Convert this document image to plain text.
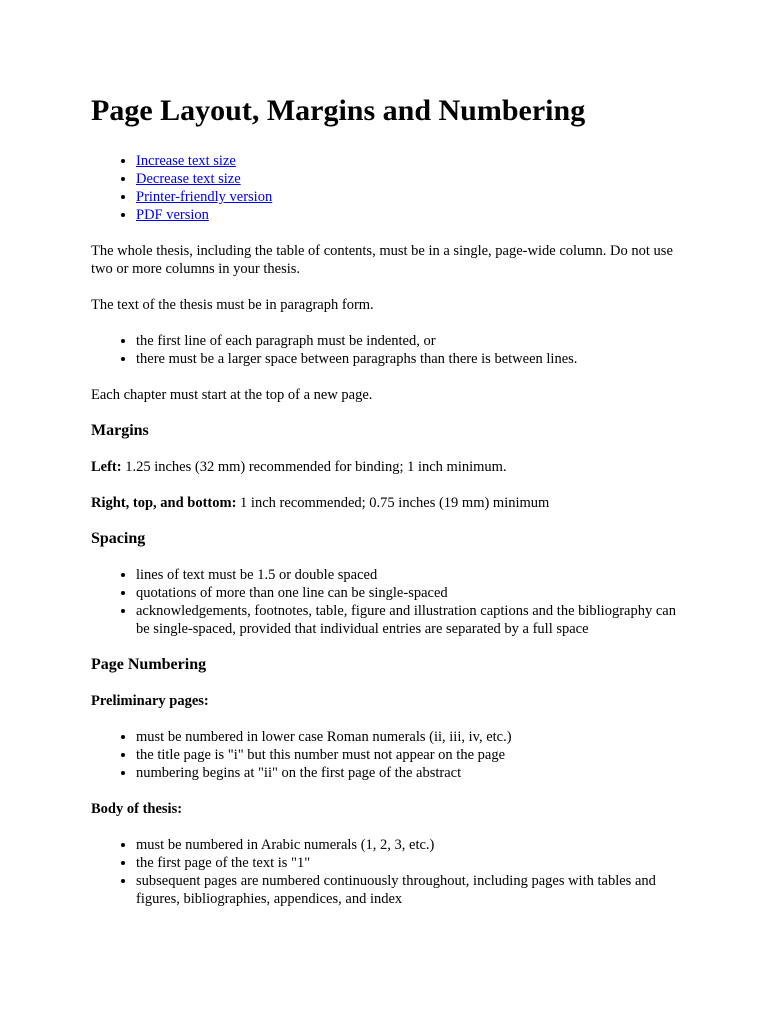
Page Layout, Margins and Numbering
• Increase text size
• Decrease text size
• Printer-friendly version
• PDF version

The whole thesis, including the table of contents, must be in a single, page-wide column. Do not use two or more columns in your thesis.

The text of the thesis must be in paragraph form.

• the first line of each paragraph must be indented, or
• there must be a larger space between paragraphs than there is between lines.

Each chapter must start at the top of a new page.

Margins

Left: 1.25 inches (32 mm) recommended for binding; 1 inch minimum.

Right, top, and bottom: 1 inch recommended; 0.75 inches (19 mm) minimum

Spacing
• lines of text must be 1.5 or double spaced
• quotations of more than one line can be single-spaced
• acknowledgements, footnotes, table, figure and illustration captions and the bibliography can be single-spaced, provided that individual entries are separated by a full space
Page Numbering
Preliminary pages:
• must be numbered in lower case Roman numerals (ii, iii, iv, etc.)
• the title page is "i" but this number must not appear on the page
• numbering begins at "ii" on the first page of the abstract
Body of thesis:
• must be numbered in Arabic numerals (1, 2, 3, etc.)
• the first page of the text is "1"
• subsequent pages are numbered continuously throughout, including pages with tables and figures, bibliographies, appendices, and index
